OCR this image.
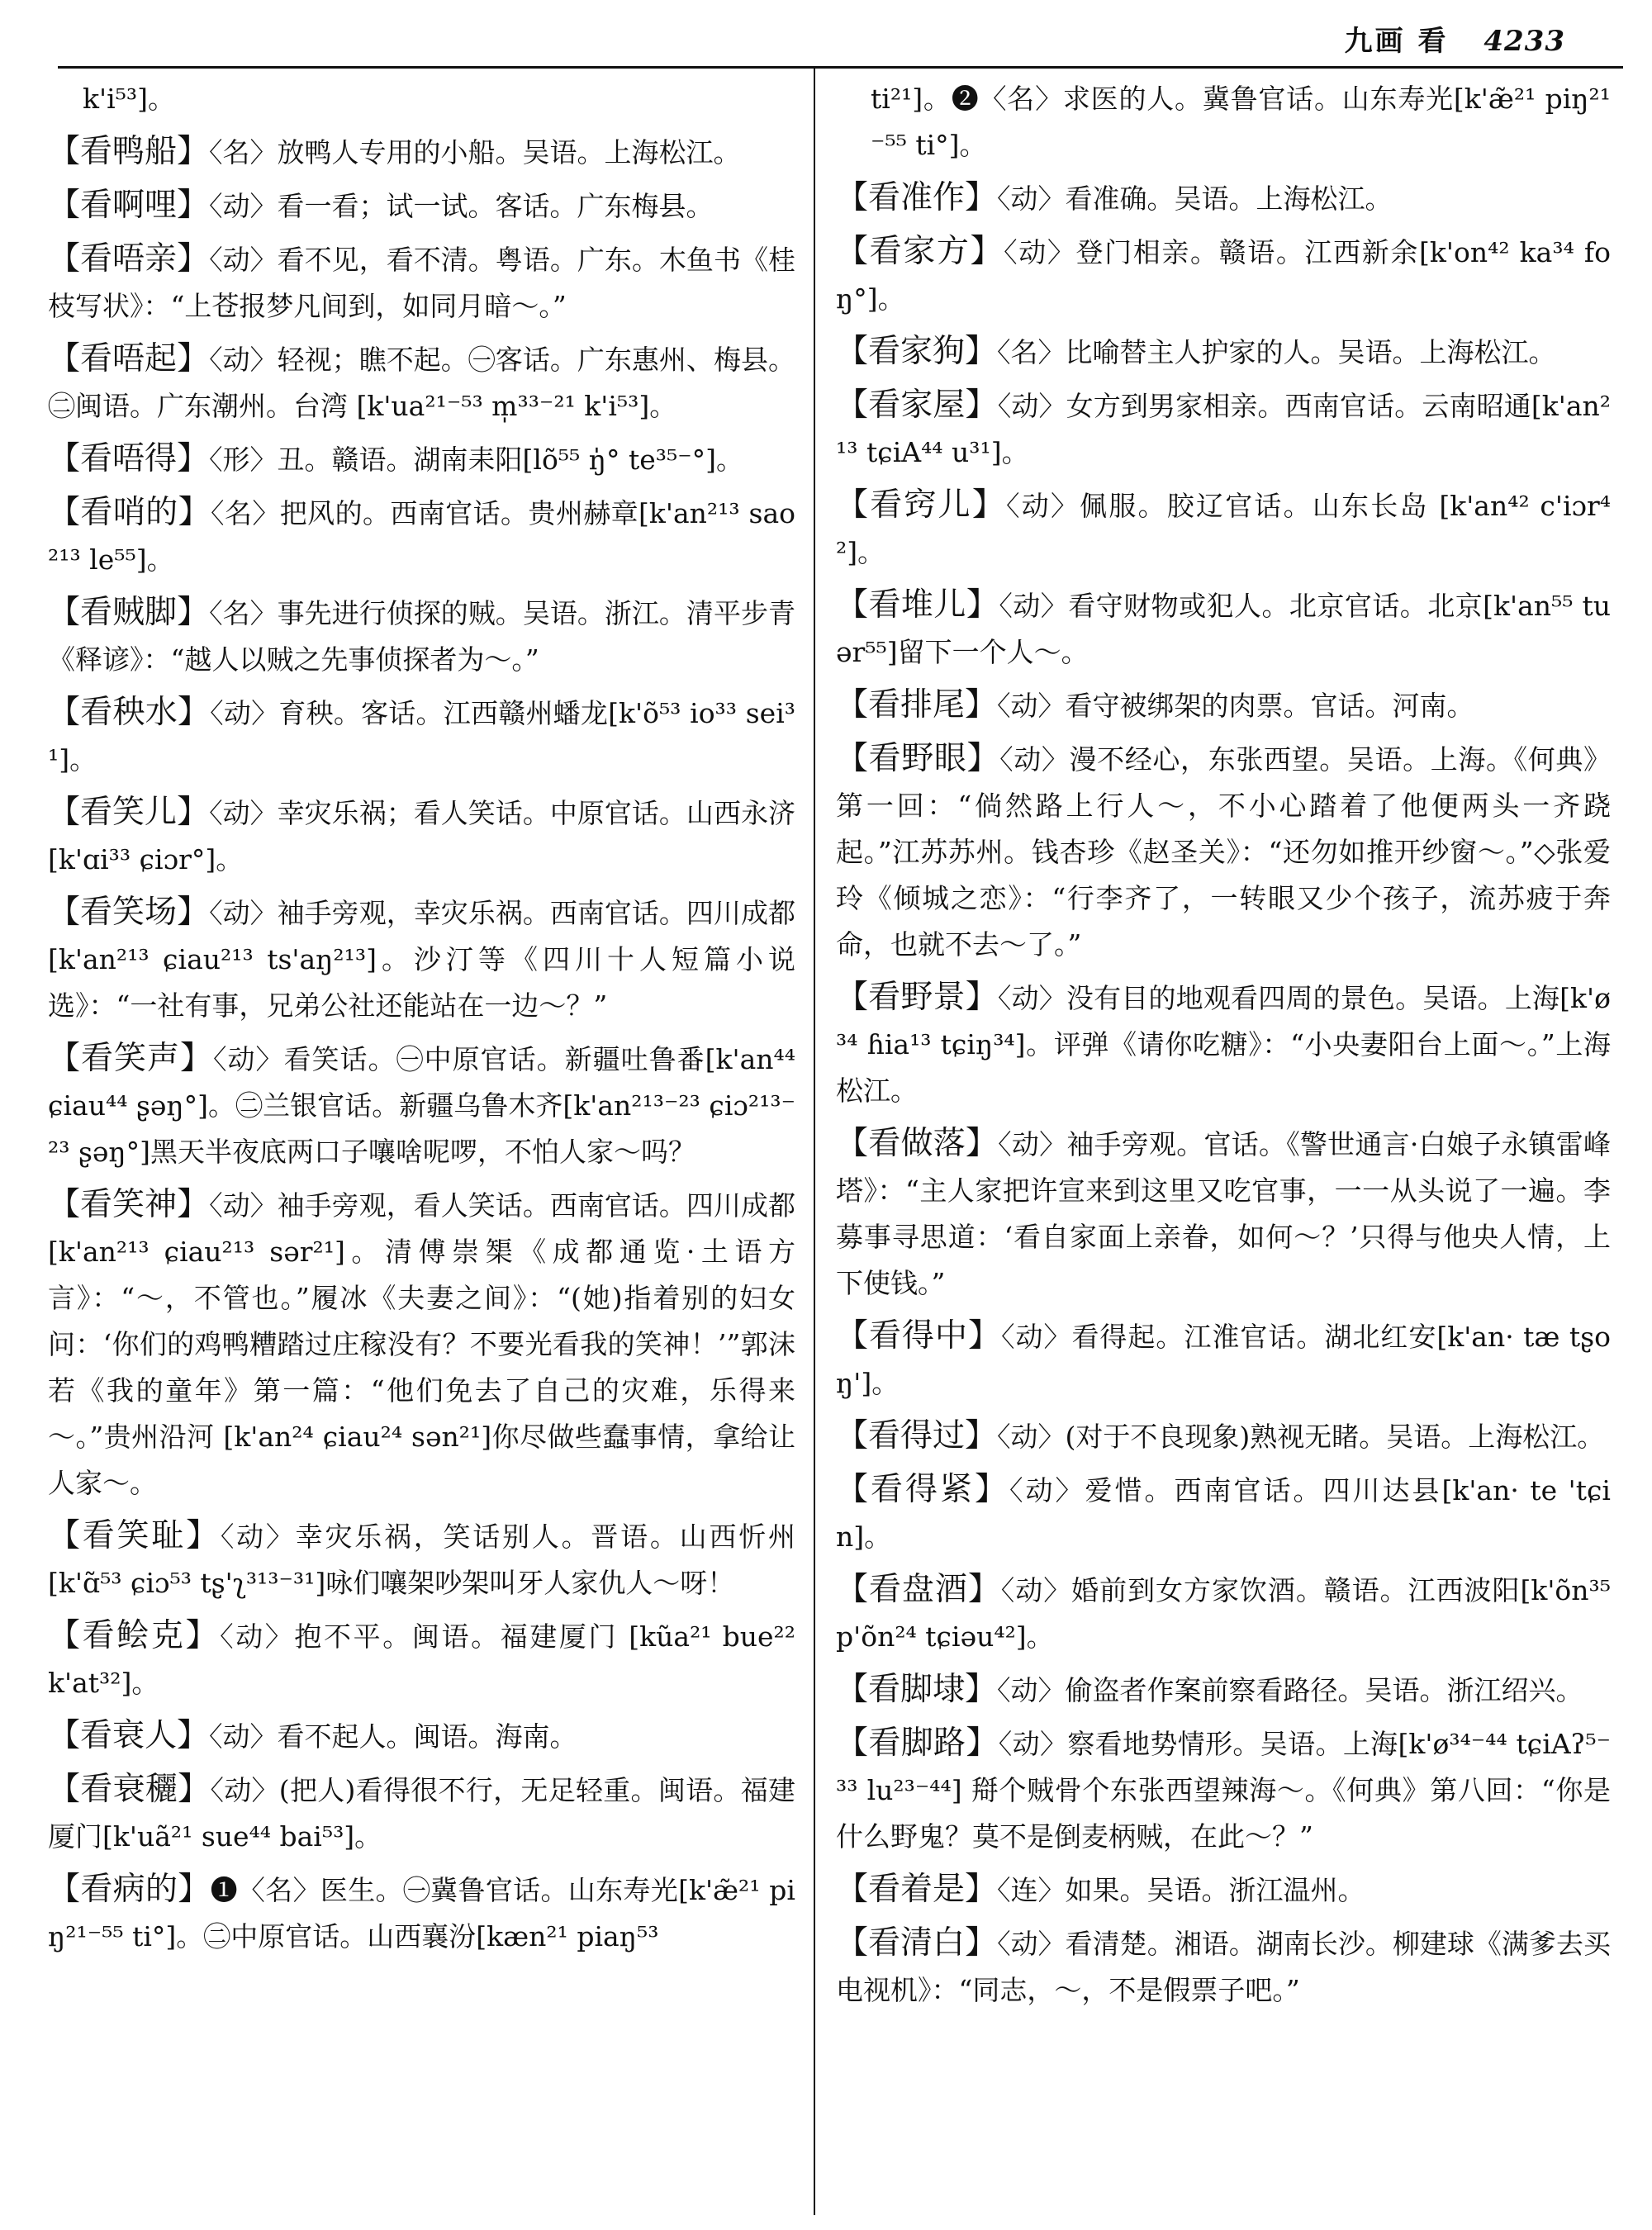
九画 看 4233
k'i⁵³]。
【看鸭船】〈名〉放鸭人专用的小船。吴语。上海松江。
【看啊哩】〈动〉看一看；试一试。客话。广东梅县。
【看唔亲】〈动〉看不见，看不清。粤语。广东。木鱼书《桂枝写状》：“上苍报梦凡间到，如同月暗～。”
【看唔起】〈动〉轻视；瞧不起。㊀客话。广东惠州、梅县。㊁闽语。广东潮州。台湾 [k'ua²¹⁻⁵³ m̩³³⁻²¹ k'i⁵³]。
【看唔得】〈形〉丑。赣语。湖南耒阳[lõ⁵⁵ ŋ̍° te³⁵⁻°]。
【看哨的】〈名〉把风的。西南官话。贵州赫章[k'an²¹³ sao²¹³ le⁵⁵]。
【看贼脚】〈名〉事先进行侦探的贼。吴语。浙江。清平步青《释谚》：“越人以贼之先事侦探者为～。”
【看秧水】〈动〉育秧。客话。江西赣州蟠龙[k'õ⁵³ io³³ sei³¹]。
【看笑儿】〈动〉幸灾乐祸；看人笑话。中原官话。山西永济[k'ɑi³³ ɕiɔr°]。
【看笑场】〈动〉袖手旁观，幸灾乐祸。西南官话。四川成都 [k'an²¹³ ɕiau²¹³ ts'aŋ²¹³]。沙汀等《四川十人短篇小说选》：“一社有事，兄弟公社还能站在一边～？”
【看笑声】〈动〉看笑话。㊀中原官话。新疆吐鲁番[k'an⁴⁴ ɕiau⁴⁴ ʂəŋ°]。㊁兰银官话。新疆乌鲁木齐[k'an²¹³⁻²³ ɕiɔ²¹³⁻²³ ʂəŋ°]黑天半夜底两口子嚷啥呢啰，不怕人家～吗？
【看笑神】〈动〉袖手旁观，看人笑话。西南官话。四川成都 [k'an²¹³ ɕiau²¹³ sər²¹]。清傅崇榘《成都通览·土语方言》：“～，不管也。”履冰《夫妻之间》：“(她)指着别的妇女问：‘你们的鸡鸭糟踏过庄稼没有？不要光看我的笑神！’”郭沫若《我的童年》第一篇：“他们免去了自己的灾难，乐得来～。”贵州沿河 [k'an²⁴ ɕiau²⁴ sən²¹]你尽做些蠢事情，拿给让人家～。
【看笑耻】〈动〉幸灾乐祸，笑话别人。晋语。山西忻州[k'ɑ̃⁵³ ɕiɔ⁵³ tʂ'ʅ³¹³⁻³¹]咏们嚷架吵架叫牙人家仇人～呀！
【看鲙克】〈动〉抱不平。闽语。福建厦门 [kũa²¹ bue²² k'at³²]。
【看衰人】〈动〉看不起人。闽语。海南。
【看衰穲】〈动〉(把人)看得很不行，无足轻重。闽语。福建厦门[k'uã²¹ sue⁴⁴ bai⁵³]。
【看病的】❶〈名〉医生。㊀冀鲁官话。山东寿光[k'æ̃²¹ piŋ²¹⁻⁵⁵ ti°]。㊁中原官话。山西襄汾[kæn²¹ piaŋ⁵³
ti²¹]。❷〈名〉求医的人。冀鲁官话。山东寿光[k'æ̃²¹ piŋ²¹⁻⁵⁵ ti°]。
【看准作】〈动〉看准确。吴语。上海松江。
【看家方】〈动〉登门相亲。赣语。江西新余[k'on⁴² ka³⁴ foŋ°]。
【看家狗】〈名〉比喻替主人护家的人。吴语。上海松江。
【看家屋】〈动〉女方到男家相亲。西南官话。云南昭通[k'an²¹³ tɕiA⁴⁴ u³¹]。
【看窍儿】〈动〉佩服。胶辽官话。山东长岛 [k'an⁴² c'iɔr⁴²]。
【看堆儿】〈动〉看守财物或犯人。北京官话。北京[k'an⁵⁵ tuər⁵⁵]留下一个人～。
【看排尾】〈动〉看守被绑架的肉票。官话。河南。
【看野眼】〈动〉漫不经心，东张西望。吴语。上海。《何典》第一回：“倘然路上行人～，不小心踏着了他便两头一齐跷起。”江苏苏州。钱杏珍《赵圣关》：“还勿如推开纱窗～。”◇张爱玲《倾城之恋》：“行李齐了，一转眼又少个孩子，流苏疲于奔命，也就不去～了。”
【看野景】〈动〉没有目的地观看四周的景色。吴语。上海[k'ø³⁴ ɦia¹³ tɕiŋ³⁴]。评弹《请你吃糖》：“小央妻阳台上面～。”上海松江。
【看做落】〈动〉袖手旁观。官话。《警世通言·白娘子永镇雷峰塔》：“主人家把许宣来到这里又吃官事，一一从头说了一遍。李募事寻思道：‘看自家面上亲眷，如何～？’只得与他央人情，上下使钱。”
【看得中】〈动〉看得起。江淮官话。湖北红安[k'an· tæ tʂoŋ']。
【看得过】〈动〉(对于不良现象)熟视无睹。吴语。上海松江。
【看得紧】〈动〉爱惜。西南官话。四川达县[k'an· te 'tɕin]。
【看盘酒】〈动〉婚前到女方家饮酒。赣语。江西波阳[k'õn³⁵ p'õn²⁴ tɕiəu⁴²]。
【看脚埭】〈动〉偷盗者作案前察看路径。吴语。浙江绍兴。
【看脚路】〈动〉察看地势情形。吴语。上海[k'ø³⁴⁻⁴⁴ tɕiAʔ⁵⁻³³ lu²³⁻⁴⁴] 搿个贼骨个东张西望辣海～。《何典》第八回：“你是什么野鬼？莫不是倒麦柄贼，在此～？”
【看着是】〈连〉如果。吴语。浙江温州。
【看清白】〈动〉看清楚。湘语。湖南长沙。柳建球《满爹去买电视机》：“同志，～，不是假票子吧。”
